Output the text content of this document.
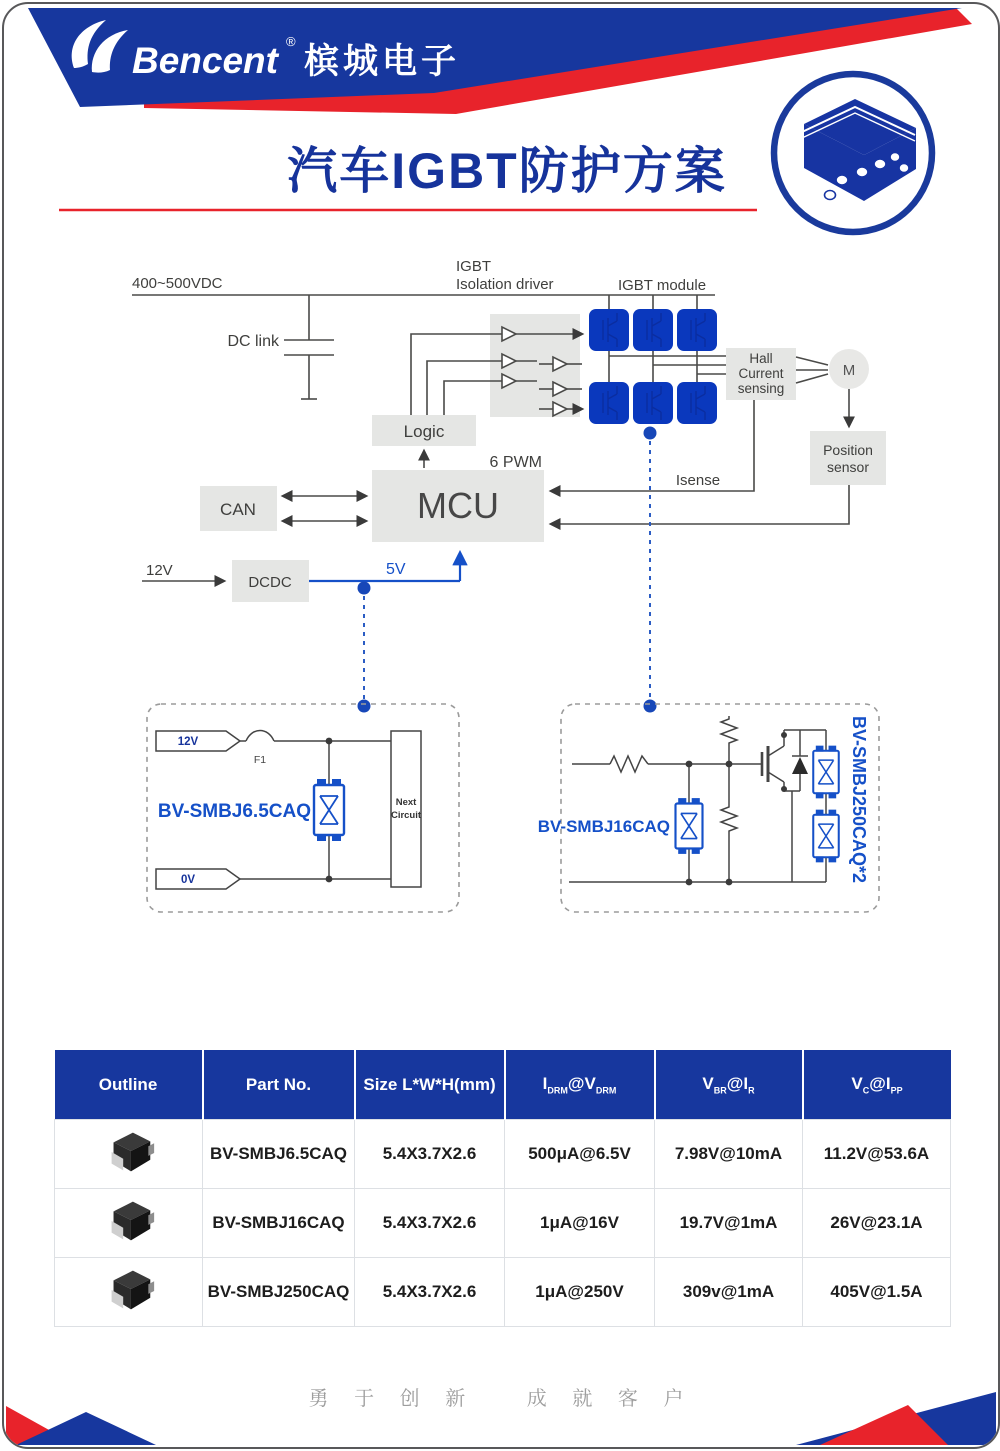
Bencent ®
槟城电子
汽车IGBT防护方案
400~500VDC
DC link
IGBT
Isolation driver	IGBT module
Hall
Current
sensing
M
Position
sensor
Logic
6 PWM
MCU
CAN
Isense
12V
DCDC
5V
12V
0V
F1
BV-SMBJ6.5CAQ	Next
Circuit
BV-SMBJ16CAQ	BV-SMBJ250CAQ*2
Outline	Part No.	Size L*W*H(mm)	$I_{DRM}@V_{DRM}$	$V_{BR}@I_R$	$V_C@I_{PP}$
	BV-SMBJ6.5CAQ	5.4X3.7X2.6	500μA@6.5V	7.98V@10mA	11.2V@53.6A
	BV-SMBJ16CAQ	5.4X3.7X2.6	1μA@16V	19.7V@1mA	26V@23.1A
	BV-SMBJ250CAQ	5.4X3.7X2.6	1μA@250V	309v@1mA	405V@1.5A
勇 于 创 新	成 就 客 户
